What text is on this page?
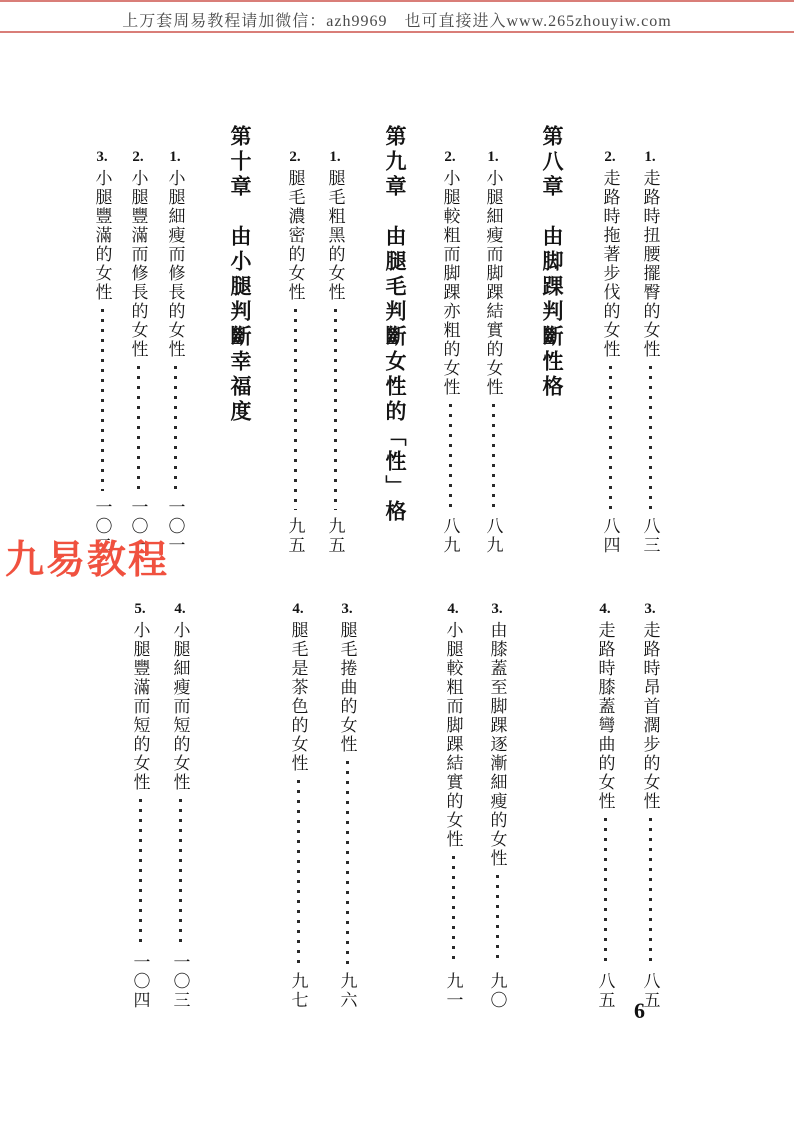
上万套周易教程请加微信：azh9969　也可直接进入www.265zhouyiw.com
1.
走路時扭腰擺臀的女性
八三
2.
走路時拖著步伐的女性
八四
第八章　由脚踝判斷性格
1.
小腿細瘦而脚踝結實的女性
八九
2.
小腿較粗而脚踝亦粗的女性
八九
第九章　由腿毛判斷女性的「性」格
1.
腿毛粗黑的女性
九五
2.
腿毛濃密的女性
九五
第十章　由小腿判斷幸福度
1.
小腿細瘦而修長的女性
一〇一
2.
小腿豐滿而修長的女性
一〇一
3.
小腿豐滿的女性
一〇二
九易教程
3.
走路時昂首濶步的女性
八五
4.
走路時膝蓋彎曲的女性
八五
3.
由膝蓋至脚踝逐漸細瘦的女性
九〇
4.
小腿較粗而脚踝結實的女性
九一
3.
腿毛捲曲的女性
九六
4.
腿毛是茶色的女性
九七
4.
小腿細瘦而短的女性
一〇三
5.
小腿豐滿而短的女性
一〇四
6
